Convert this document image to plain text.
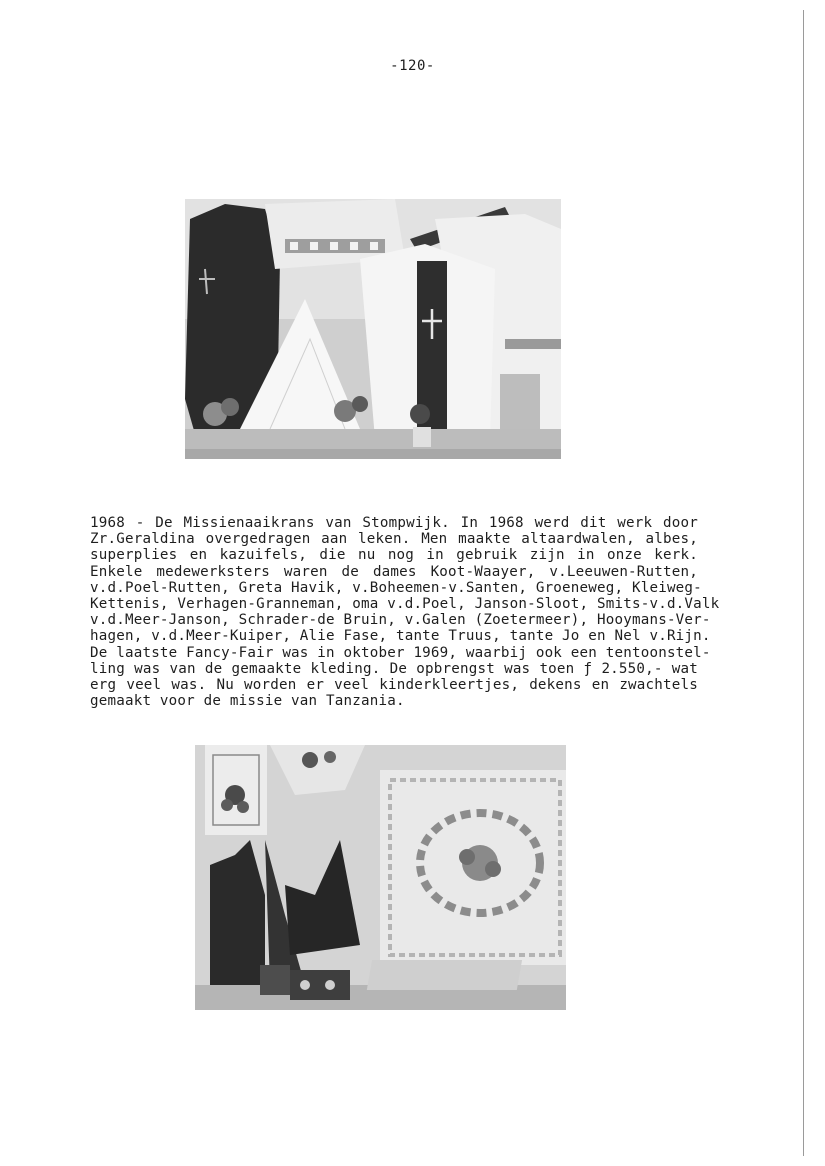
-120-
1968 - De Missienaaikrans van Stompwijk. In 1968 werd dit werk door
Zr.Geraldina overgedragen aan leken. Men maakte altaardwalen, albes,
superplies en kazuifels, die nu nog in gebruik zijn in onze kerk.
Enkele medewerksters waren de dames Koot-Waayer, v.Leeuwen-Rutten,
v.d.Poel-Rutten, Greta Havik, v.Boheemen-v.Santen, Groeneweg, Kleiweg-
Kettenis, Verhagen-Granneman, oma v.d.Poel, Janson-Sloot, Smits-v.d.Valk
v.d.Meer-Janson, Schrader-de Bruin, v.Galen (Zoetermeer), Hooymans-Ver-
hagen, v.d.Meer-Kuiper, Alie Fase, tante Truus, tante Jo en Nel v.Rijn.
De laatste Fancy-Fair was in oktober 1969, waarbij ook een tentoonstel-
ling was van de gemaakte kleding. De opbrengst was toen ƒ 2.550,- wat
erg veel was. Nu worden er veel kinderkleertjes, dekens en zwachtels
gemaakt voor de missie van Tanzania.
